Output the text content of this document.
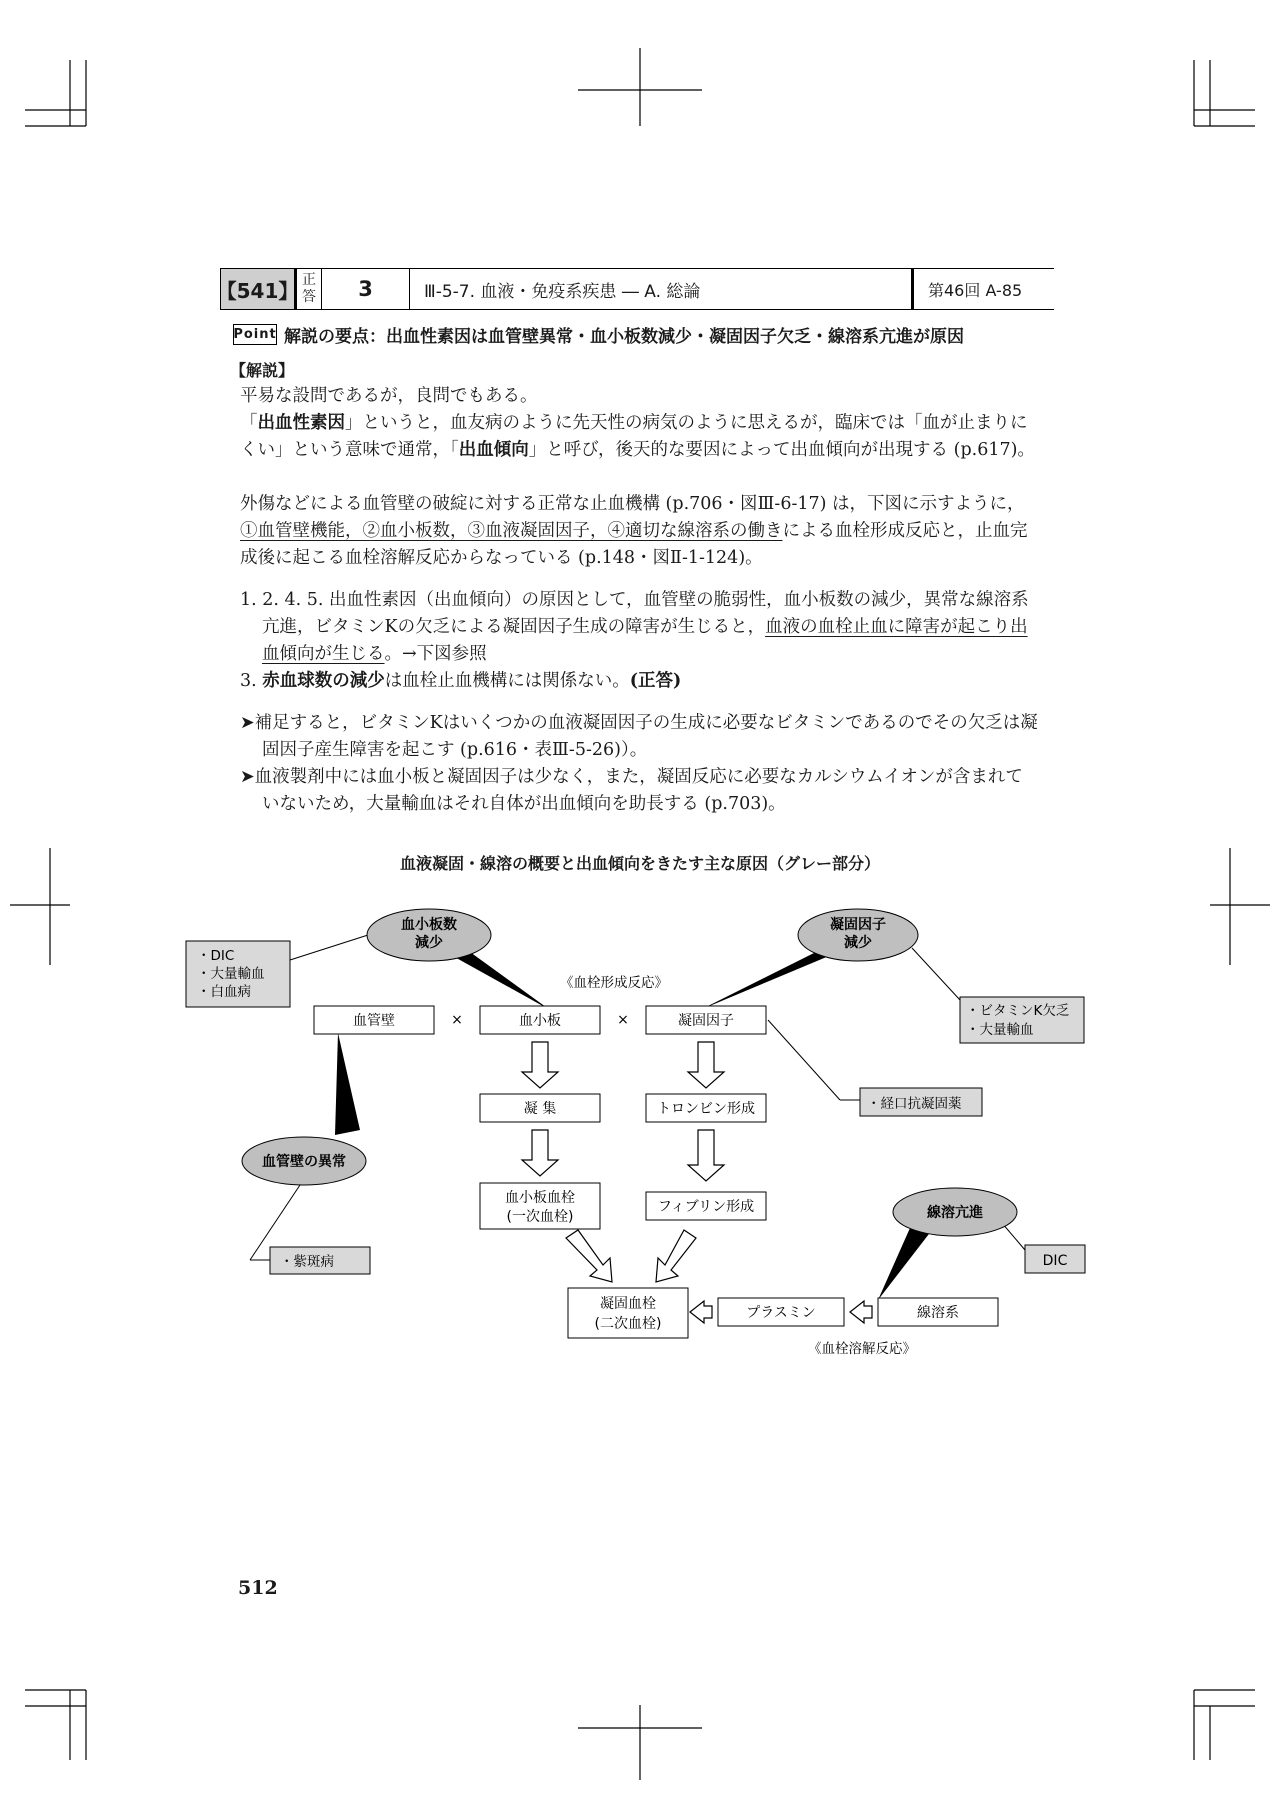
【541】 正
答	3	Ⅲ-5-7. 血液・免疫系疾患 ― A. 総論	第46回 A-85
Point 解説の要点：出血性素因は血管壁異常・血小板数減少・凝固因子欠乏・線溶系亢進が原因
【解説】

平易な設問であるが，良問でもある。

「出血性素因」というと，血友病のように先天性の病気のように思えるが，臨床では「血が止まりにくい」という意味で通常，「出血傾向」と呼び，後天的な要因によって出血傾向が出現する (p.617)。

外傷などによる血管壁の破綻に対する正常な止血機構 (p.706・図Ⅲ-6-17) は，下図に示すように，①血管壁機能，②血小板数，③血液凝固因子，④適切な線溶系の働きによる血栓形成反応と，止血完成後に起こる血栓溶解反応からなっている (p.148・図Ⅱ-1-124)。

1. 2. 4. 5. 出血性素因（出血傾向）の原因として，血管壁の脆弱性，血小板数の減少，異常な線溶系亢進，ビタミンKの欠乏による凝固因子生成の障害が生じると，血液の血栓止血に障害が起こり出血傾向が生じる。→下図参照

3. 赤血球数の減少は血栓止血機構には関係ない。(正答)

➤補足すると，ビタミンKはいくつかの血液凝固因子の生成に必要なビタミンであるのでその欠乏は凝固因子産生障害を起こす (p.616・表Ⅲ-5-26)）。

➤血液製剤中には血小板と凝固因子は少なく，また，凝固反応に必要なカルシウムイオンが含まれていないため，大量輸血はそれ自体が出血傾向を助長する (p.703)。

血液凝固・線溶の概要と出血傾向をきたす主な原因（グレー部分）
血小板数
減少
凝固因子
減少
血管壁の異常
線溶亢進
・DIC
・大量輸血
・白血病
・ビタミンK欠乏
・大量輸血
・経口抗凝固薬
・紫斑病	DIC
《血栓形成反応》
《血栓溶解反応》
血管壁	血小板	凝固因子
×	×
凝 集	トロンビン形成
血小板血栓
(一次血栓)
フィブリン形成
凝固血栓
(二次血栓)
プラスミン	線溶系
512
